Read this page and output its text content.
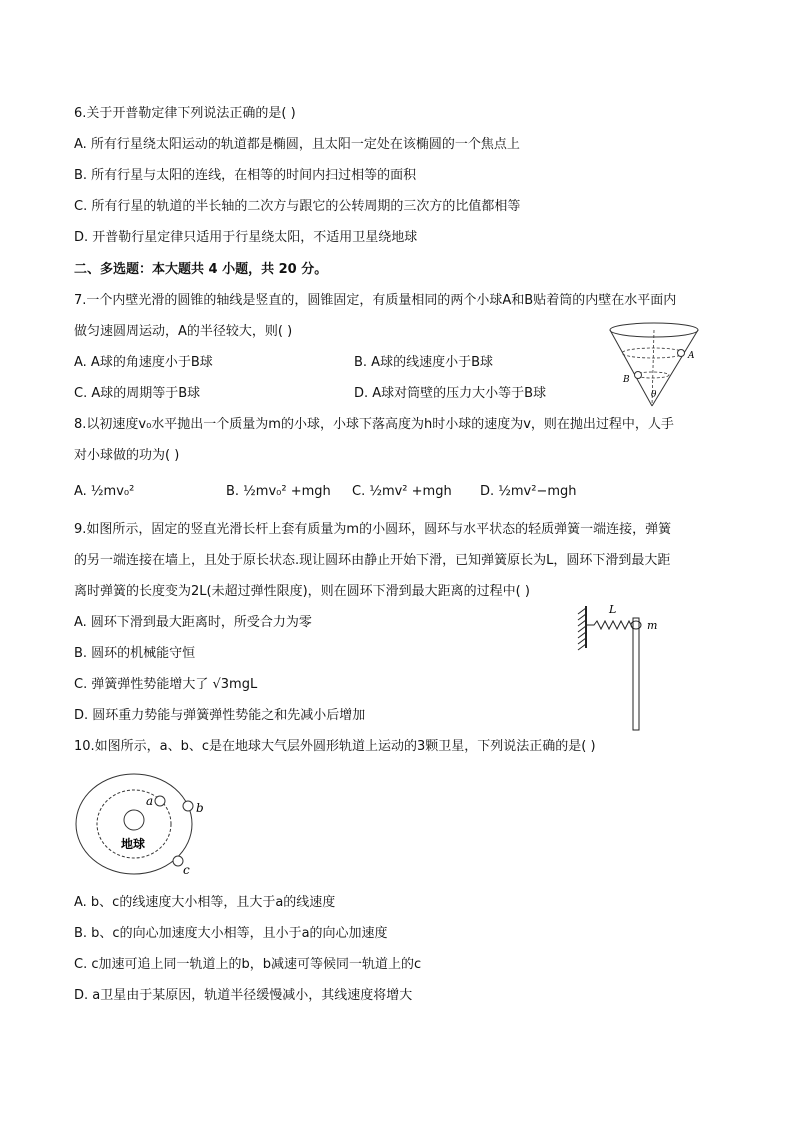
6.关于开普勒定律下列说法正确的是( )
A. 所有行星绕太阳运动的轨道都是椭圆，且太阳一定处在该椭圆的一个焦点上
B. 所有行星与太阳的连线，在相等的时间内扫过相等的面积
C. 所有行星的轨道的半长轴的二次方与跟它的公转周期的三次方的比值都相等
D. 开普勒行星定律只适用于行星绕太阳，不适用卫星绕地球
二、多选题：本大题共 4 小题，共 20 分。
7.一个内壁光滑的圆锥的轴线是竖直的，圆锥固定，有质量相同的两个小球A和B贴着筒的内壁在水平面内
做匀速圆周运动，A的半径较大，则( )
A. A球的角速度小于B球	B. A球的线速度小于B球
C. A球的周期等于B球	D. A球对筒壁的压力大小等于B球
A
B
θ
8.以初速度v₀水平抛出一个质量为m的小球，小球下落高度为h时小球的速度为v，则在抛出过程中，人手
对小球做的功为( )
A. ½mv₀²	B. ½mv₀² +mgh C. ½mv² +mgh D. ½mv²−mgh
9.如图所示，固定的竖直光滑长杆上套有质量为m的小圆环，圆环与水平状态的轻质弹簧一端连接，弹簧
的另一端连接在墙上，且处于原长状态.现让圆环由静止开始下滑，已知弹簧原长为L，圆环下滑到最大距
离时弹簧的长度变为2L(未超过弹性限度)，则在圆环下滑到最大距离的过程中( )
A. 圆环下滑到最大距离时，所受合力为零
B. 圆环的机械能守恒
C. 弹簧弹性势能增大了 √3mgL
D. 圆环重力势能与弹簧弹性势能之和先减小后增加
L
m
10.如图所示，a、b、c是在地球大气层外圆形轨道上运动的3颗卫星，下列说法正确的是( )
地球
a	b
c
A. b、c的线速度大小相等，且大于a的线速度
B. b、c的向心加速度大小相等，且小于a的向心加速度
C. c加速可追上同一轨道上的b，b减速可等候同一轨道上的c
D. a卫星由于某原因，轨道半径缓慢减小，其线速度将增大
